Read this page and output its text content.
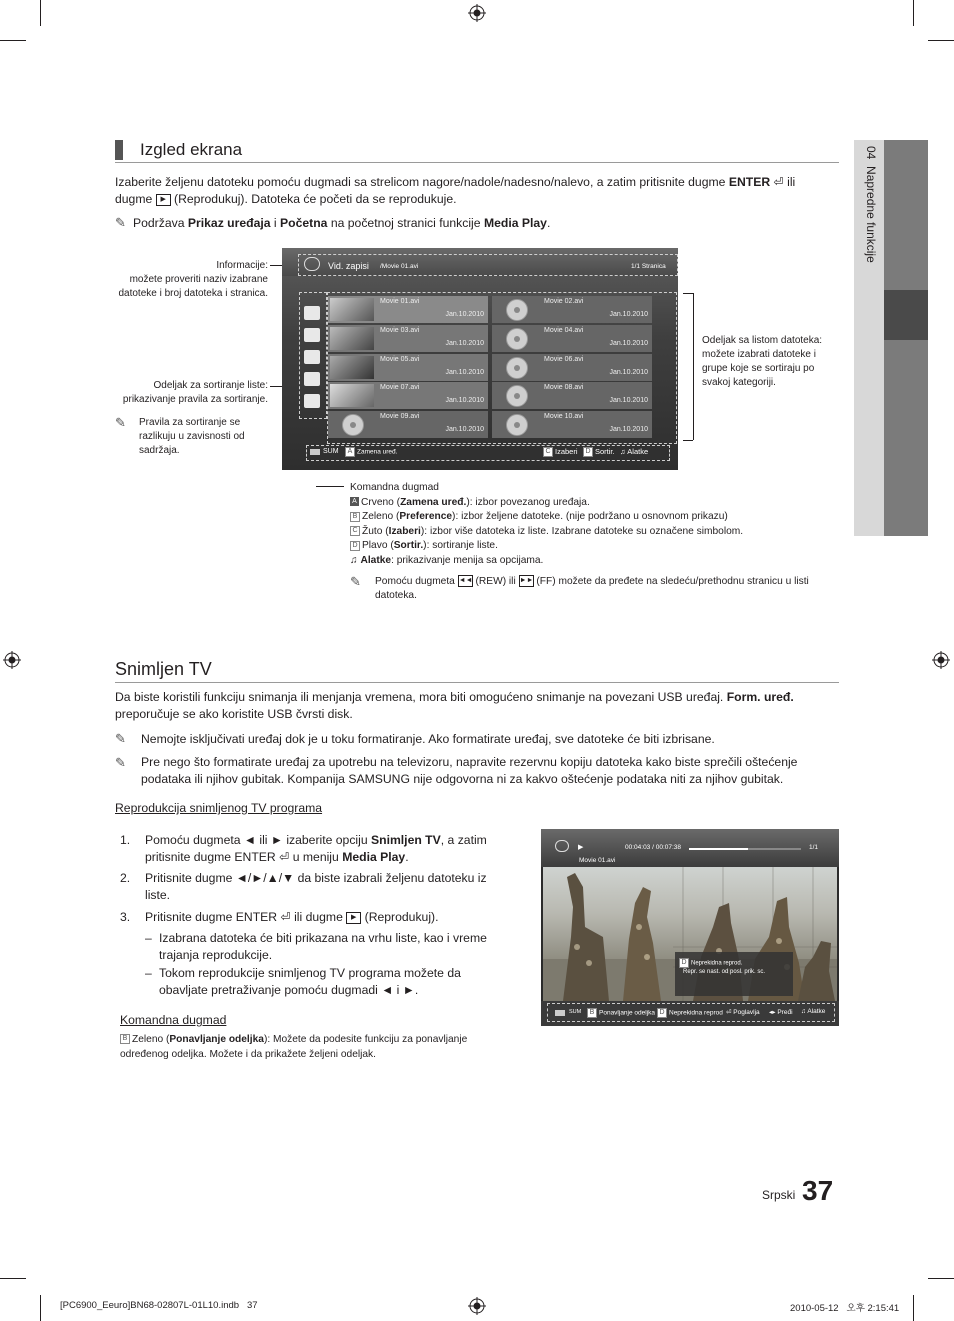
04  Napredne funkcije
Izgled ekrana
Izaberite željenu datoteku pomoću dugmadi sa strelicom nagore/nadole/nadesno/nalevo, a zatim pritisnite dugme ENTER ⏎ ili
dugme ▶ (Reprodukuj). Datoteka će početi da se reprodukuje.
✎ Podržava Prikaz uređaja i Početna na početnoj stranici funkcije Media Play.
Informacije:
možete proveriti naziv izabrane datoteke i broj datoteka i stranica.
Odeljak za sortiranje liste:
prikazivanje pravila za sortiranje.
✎	Pravila za sortiranje se razlikuju u zavisnosti od sadržaja.
Odeljak sa listom datoteka:
možete izabrati datoteke i grupe koje se sortiraju po svakoj kategoriji.
Vid. zapisi /Movie 01.avi	1/1 Stranica
Movie 01.avi
Jan.10.2010
Movie 02.avi
Jan.10.2010
Movie 03.avi
Jan.10.2010
Movie 04.avi
Jan.10.2010
Movie 05.avi
Jan.10.2010
Movie 06.avi
Jan.10.2010
Movie 07.avi
Jan.10.2010
Movie 08.avi
Jan.10.2010
Movie 09.avi
Jan.10.2010
Movie 10.avi
Jan.10.2010
SUM	A Zamena uređ.	C Izaberi	D Sortir. ♫ Alatke
Komandna dugmad
A Crveno (Zamena uređ.): izbor povezanog uređaja.
B Zeleno (Preference): izbor željene datoteke. (nije podržano u osnovnom prikazu)
C Žuto (Izaberi): izbor više datoteka iz liste. Izabrane datoteke su označene simbolom.
D Plavo (Sortir.): sortiranje liste.
♫ Alatke: prikazivanje menija sa opcijama.
✎	Pomoću dugmeta ◄◄ (REW) ili ►► (FF) možete da pređete na sledeću/prethodnu stranicu u listi
datoteka.
Snimljen TV
Da biste koristili funkciju snimanja ili menjanja vremena, mora biti omogućeno snimanje na povezani USB uređaj. Form. uređ.
preporučuje se ako koristite USB čvrsti disk.
✎ Nemojte isključivati uređaj dok je u toku formatiranje. Ako formatirate uređaj, sve datoteke će biti izbrisane.
✎	Pre nego što formatirate uređaj za upotrebu na televizoru, napravite rezervnu kopiju datoteka kako biste sprečili oštećenje
podataka ili njihov gubitak. Kompanija SAMSUNG nije odgovorna ni za kakvo oštećenje podataka niti za njihov gubitak.
Reprodukcija snimljenog TV programa
1.	Pomoću dugmeta ◄ ili ► izaberite opciju Snimljen TV, a zatim
pritisnite dugme ENTER ⏎ u meniju Media Play.
2.	Pritisnite dugme ◄/►/▲/▼ da biste izabrali željenu datoteku iz
liste.
3.	Pritisnite dugme ENTER ⏎ ili dugme ▶ (Reprodukuj).
– Izabrana datoteka će biti prikazana na vrhu liste, kao i vreme
trajanja reprodukcije.
– Tokom reprodukcije snimljenog TV programa možete da
obavljate pretraživanje pomoću dugmadi ◄ i ►.
Komandna dugmad
B Zeleno (Ponavljanje odeljka): Možete da podesite funkciju za ponavljanje
određenog odeljka. Možete i da prikažete željeni odeljak.
▶	00:04:03 / 00:07:38	1/1
Movie 01.avi
D Neprekidna reprod.
Repr. se nast. od posl. prik. sc.
SUM	B Ponavljanje odeljka D Neprekidna reprod ⏎ Poglavlja ◂▸ Pređi ♫ Alatke
Srpski 37
[PC6900_Eeuro]BN68-02807L-01L10.indb   37	2010-05-12   오후 2:15:41
